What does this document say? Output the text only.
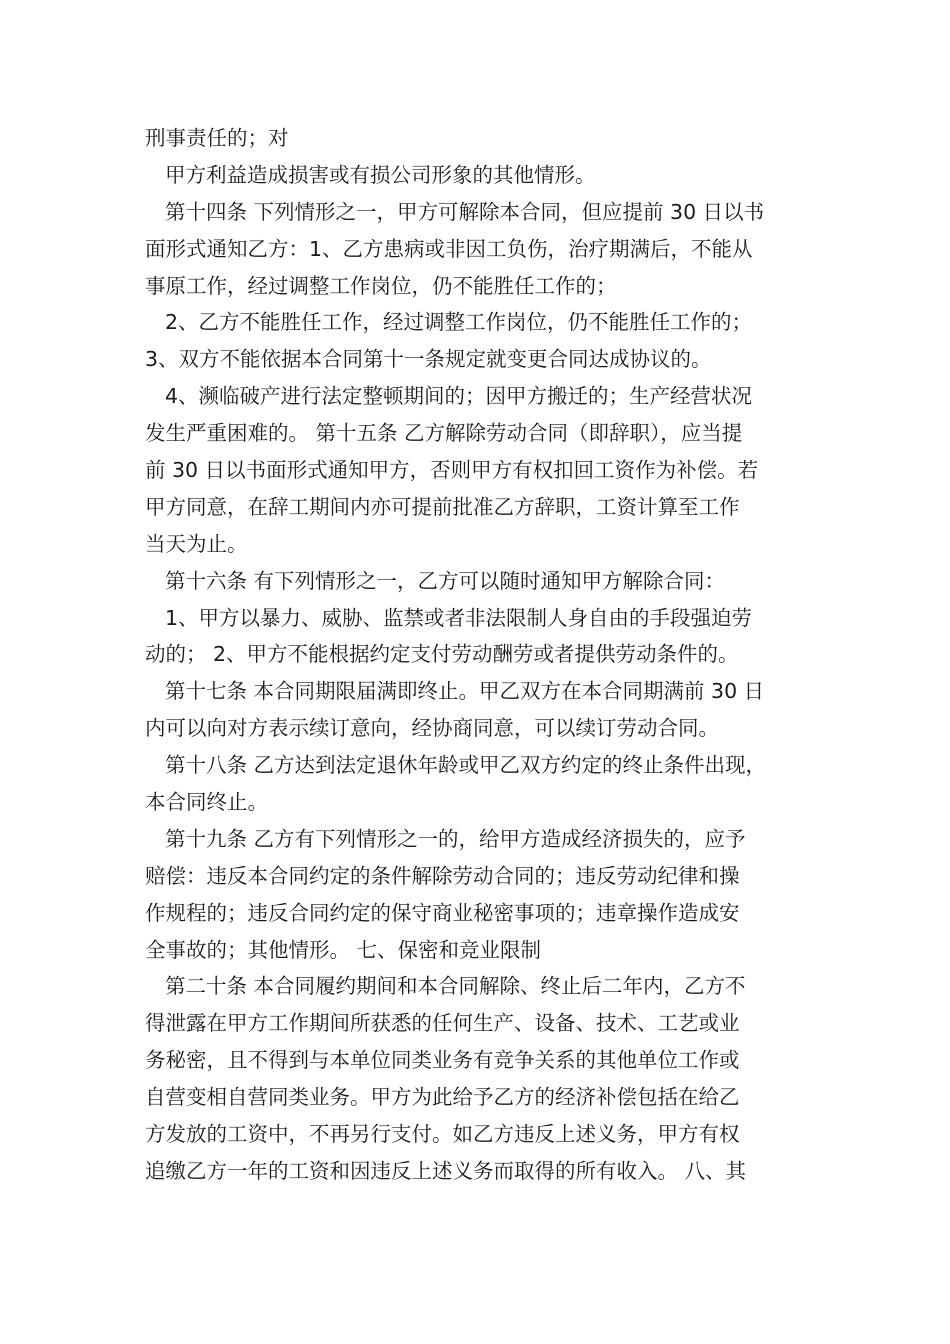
刑事责任的；对
甲方利益造成损害或有损公司形象的其他情形。
第十四条 下列情形之一，甲方可解除本合同，但应提前 30 日以书
面形式通知乙方：1、乙方患病或非因工负伤，治疗期满后，不能从
事原工作，经过调整工作岗位，仍不能胜任工作的；
2、乙方不能胜任工作，经过调整工作岗位，仍不能胜任工作的；
3、双方不能依据本合同第十一条规定就变更合同达成协议的。
4、濒临破产进行法定整顿期间的；因甲方搬迁的；生产经营状况
发生严重困难的。 第十五条 乙方解除劳动合同（即辞职），应当提
前 30 日以书面形式通知甲方，否则甲方有权扣回工资作为补偿。若
甲方同意，在辞工期间内亦可提前批准乙方辞职，工资计算至工作
当天为止。
第十六条 有下列情形之一，乙方可以随时通知甲方解除合同：
1、甲方以暴力、威胁、监禁或者非法限制人身自由的手段强迫劳
动的； 2、甲方不能根据约定支付劳动酬劳或者提供劳动条件的。
第十七条 本合同期限届满即终止。甲乙双方在本合同期满前 30 日
内可以向对方表示续订意向，经协商同意，可以续订劳动合同。
第十八条 乙方达到法定退休年龄或甲乙双方约定的终止条件出现，
本合同终止。
第十九条 乙方有下列情形之一的，给甲方造成经济损失的，应予
赔偿：违反本合同约定的条件解除劳动合同的；违反劳动纪律和操
作规程的；违反合同约定的保守商业秘密事项的；违章操作造成安
全事故的；其他情形。 七、保密和竞业限制
第二十条 本合同履约期间和本合同解除、终止后二年内，乙方不
得泄露在甲方工作期间所获悉的任何生产、设备、技术、工艺或业
务秘密，且不得到与本单位同类业务有竞争关系的其他单位工作或
自营变相自营同类业务。甲方为此给予乙方的经济补偿包括在给乙
方发放的工资中，不再另行支付。如乙方违反上述义务，甲方有权
追缴乙方一年的工资和因违反上述义务而取得的所有收入。 八、其
